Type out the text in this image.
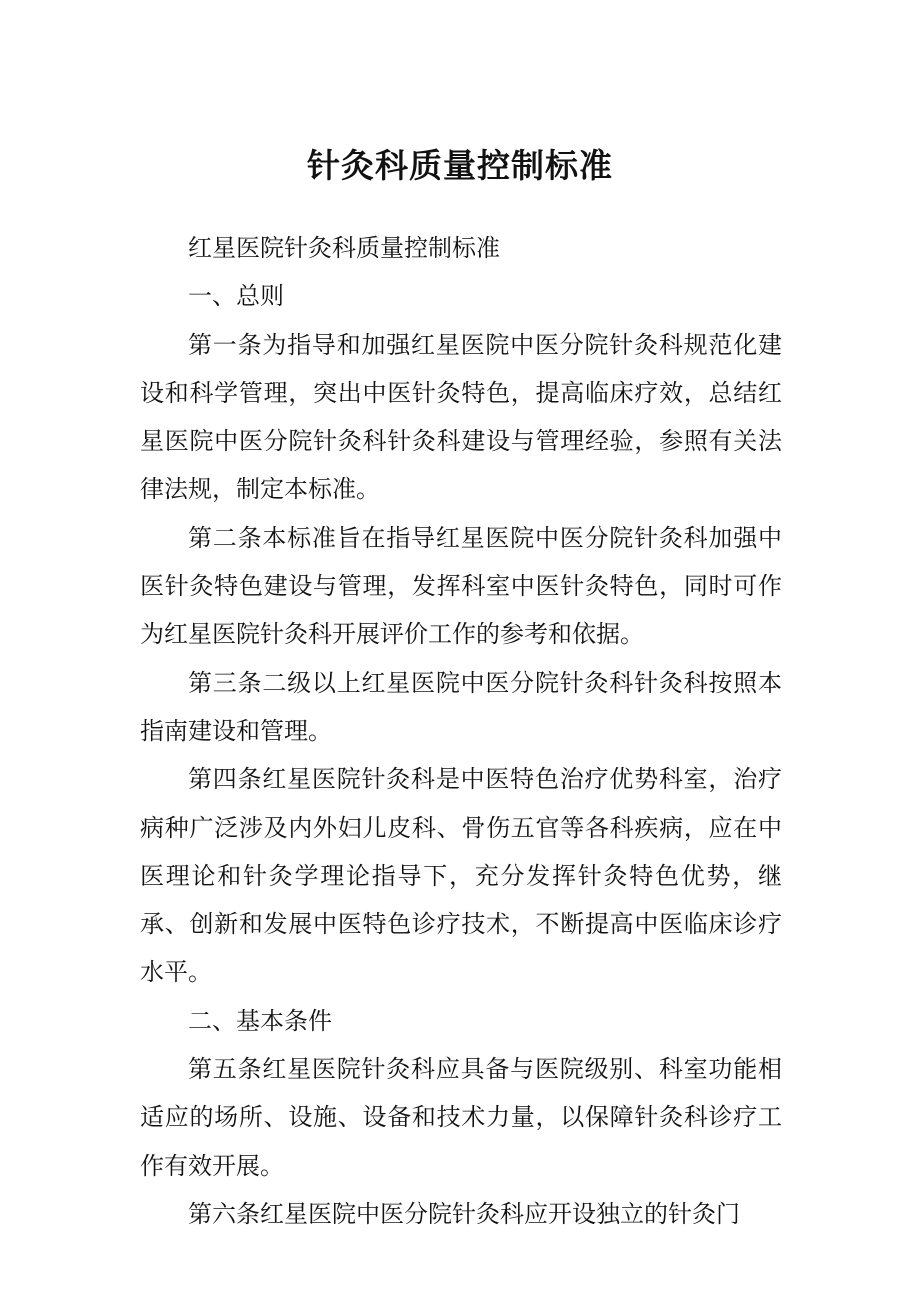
针灸科质量控制标准

红星医院针灸科质量控制标准

一、总则

第一条为指导和加强红星医院中医分院针灸科规范化建设和科学管理，突出中医针灸特色，提高临床疗效，总结红星医院中医分院针灸科针灸科建设与管理经验，参照有关法律法规，制定本标准。

第二条本标准旨在指导红星医院中医分院针灸科加强中医针灸特色建设与管理，发挥科室中医针灸特色，同时可作为红星医院针灸科开展评价工作的参考和依据。

第三条二级以上红星医院中医分院针灸科针灸科按照本指南建设和管理。

第四条红星医院针灸科是中医特色治疗优势科室，治疗病种广泛涉及内外妇儿皮科、骨伤五官等各科疾病，应在中医理论和针灸学理论指导下，充分发挥针灸特色优势，继承、创新和发展中医特色诊疗技术，不断提高中医临床诊疗水平。

二、基本条件

第五条红星医院针灸科应具备与医院级别、科室功能相适应的场所、设施、设备和技术力量，以保障针灸科诊疗工作有效开展。

第六条红星医院中医分院针灸科应开设独立的针灸门
